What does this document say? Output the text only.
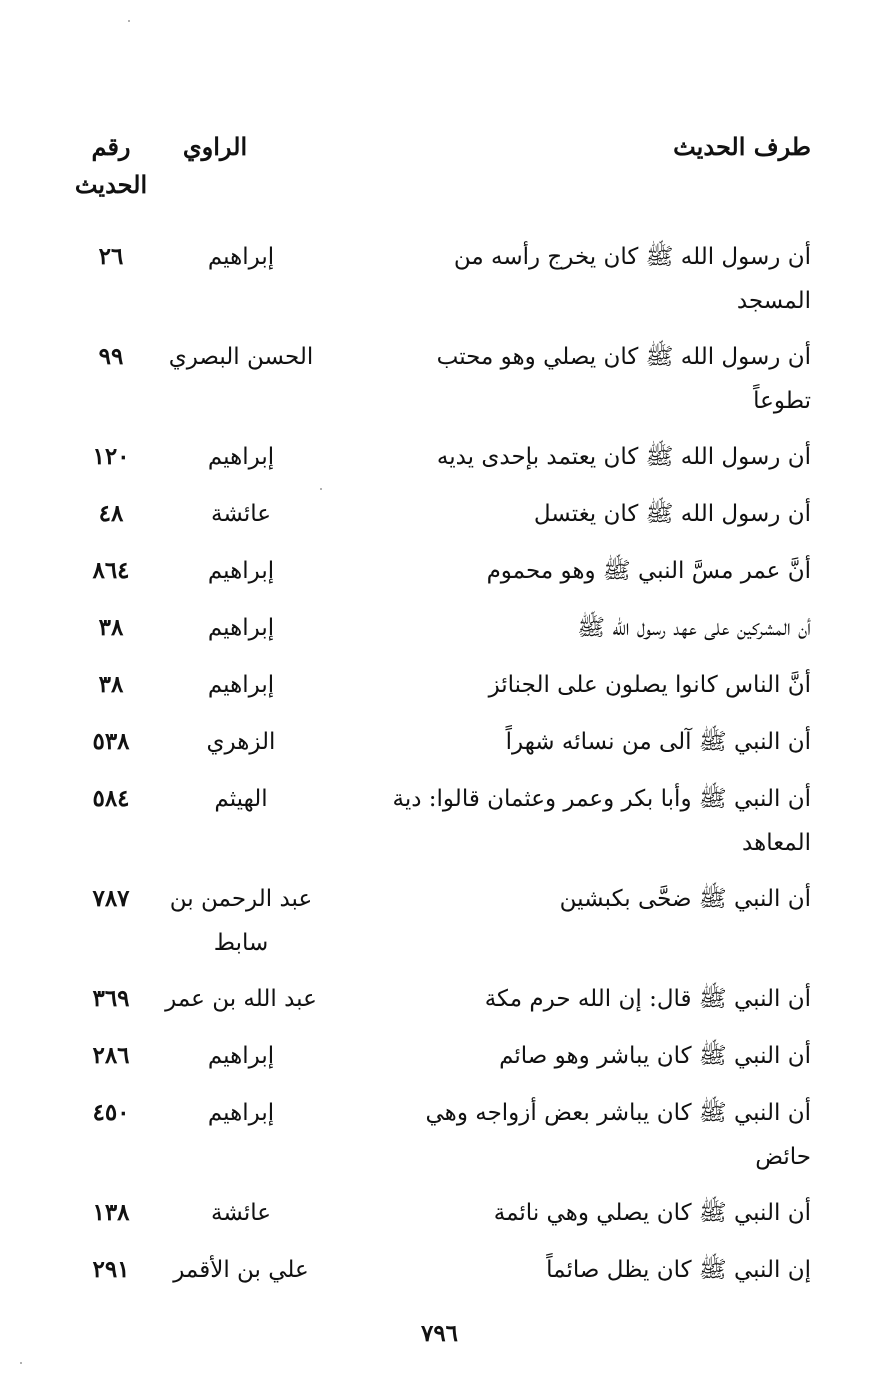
طرف الحديث
الراوي
رقم الحديث
أن رسول الله ﷺ كان يخرج رأسه من المسجد
إبراهيم
٢٦
أن رسول الله ﷺ كان يصلي وهو محتب تطوعاً
الحسن البصري
٩٩
أن رسول الله ﷺ كان يعتمد بإحدى يديه
إبراهيم
١٢٠
أن رسول الله ﷺ كان يغتسل
عائشة
٤٨
أنَّ عمر مسَّ النبي ﷺ وهو محموم
إبراهيم
٨٦٤
أن المشركين على عهد رسول الله ﷺ
إبراهيم
٣٨
أنَّ الناس كانوا يصلون على الجنائز
إبراهيم
٣٨
أن النبي ﷺ آلى من نسائه شهراً
الزهري
٥٣٨
أن النبي ﷺ وأبا بكر وعمر وعثمان قالوا: دية المعاهد
الهيثم
٥٨٤
أن النبي ﷺ ضحَّى بكبشين
عبد الرحمن بن سابط
٧٨٧
أن النبي ﷺ قال: إن الله حرم مكة
عبد الله بن عمر
٣٦٩
أن النبي ﷺ كان يباشر وهو صائم
إبراهيم
٢٨٦
أن النبي ﷺ كان يباشر بعض أزواجه وهي حائض
إبراهيم
٤٥٠
أن النبي ﷺ كان يصلي وهي نائمة
عائشة
١٣٨
إن النبي ﷺ كان يظل صائماً
علي بن الأقمر
٢٩١
٧٩٦
